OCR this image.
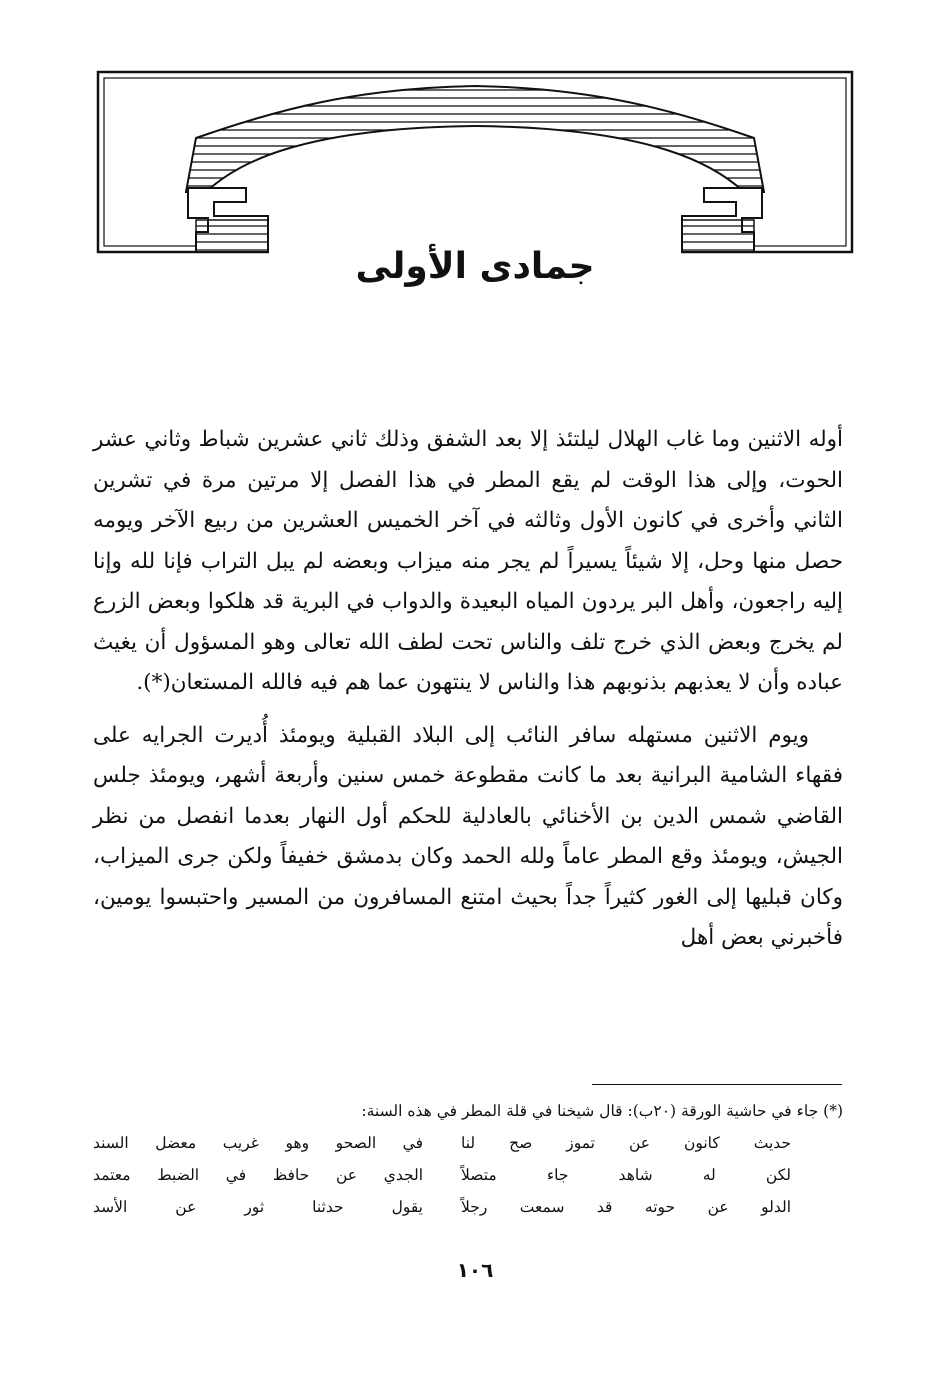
جمادى الأولى

أوله الاثنين وما غاب الهلال ليلتئذ إلا بعد الشفق وذلك ثاني عشرين شباط وثاني عشر الحوت، وإلى هذا الوقت لم يقع المطر في هذا الفصل إلا مرتين مرة في تشرين الثاني وأخرى في كانون الأول وثالثه في آخر الخميس العشرين من ربيع الآخر ويومه حصل منها وحل، إلا شيئاً يسيراً لم يجر منه ميزاب وبعضه لم يبل التراب فإنا لله وإنا إليه راجعون، وأهل البر يردون المياه البعيدة والدواب في البرية قد هلكوا وبعض الزرع لم يخرج وبعض الذي خرج تلف والناس تحت لطف الله تعالى وهو المسؤول أن يغيث عباده وأن لا يعذبهم بذنوبهم هذا والناس لا ينتهون عما هم فيه فالله المستعان(*).

ويوم الاثنين مستهله سافر النائب إلى البلاد القبلية ويومئذ أُديرت الجرايه على فقهاء الشامية البرانية بعد ما كانت مقطوعة خمس سنين وأربعة أشهر، ويومئذ جلس القاضي شمس الدين بن الأخنائي بالعادلية للحكم أول النهار بعدما انفصل من نظر الجيش، ويومئذ وقع المطر عاماً ولله الحمد وكان بدمشق خفيفاً ولكن جرى الميزاب، وكان قبليها إلى الغور كثيراً جداً بحيث امتنع المسافرون من المسير واحتبسوا يومين، فأخبرني بعض أهل

(*) جاء في حاشية الورقة (٢٠ب): قال شيخنا في قلة المطر في هذه السنة:

حديث كانون عن تموز صح لنا
في الصحو وهو غريب معضل السند
لكن له شاهد جاء متصلاً
الجدي عن حافظ في الضبط معتمد
الدلو عن حوته قد سمعت رجلاً
يقول حدثنا ثور عن الأسد
١٠٦
